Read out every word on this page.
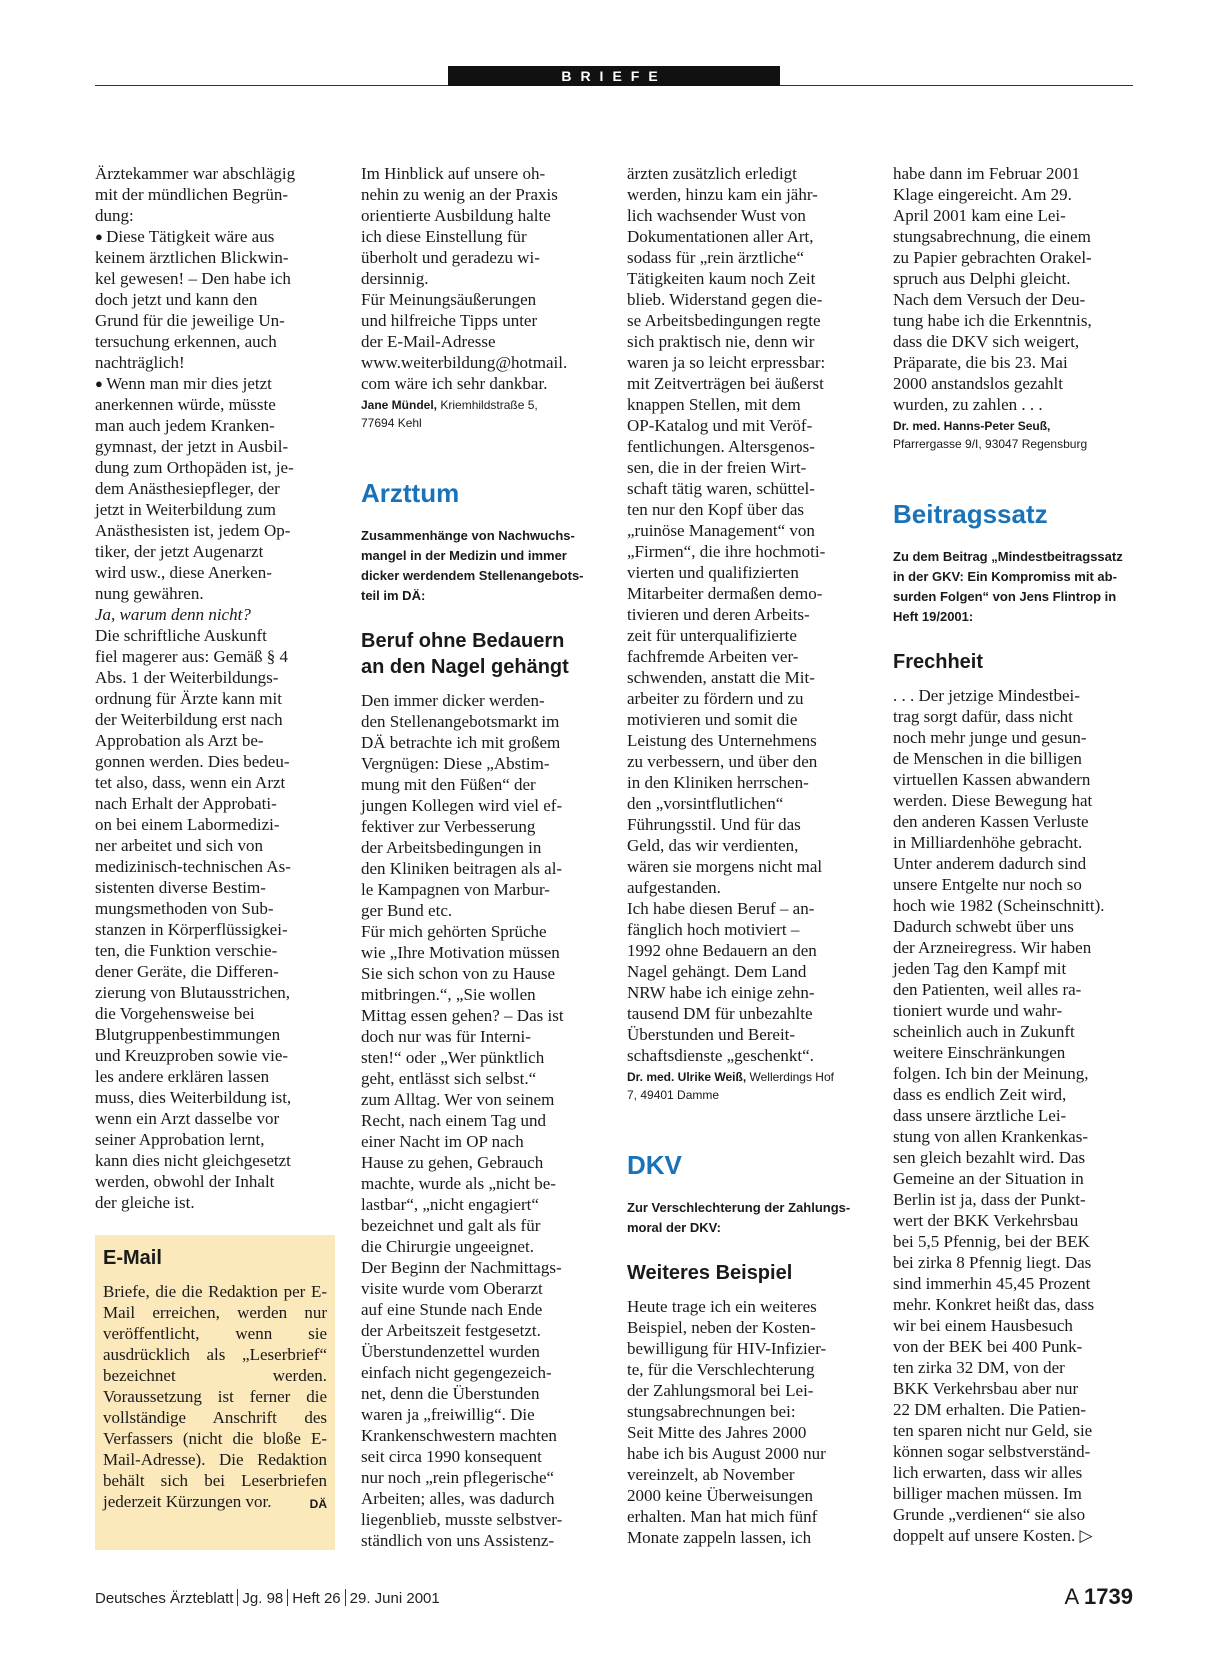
BRIEFE

Ärztekammer war abschlägig

mit der mündlichen Begrün-

dung:

● Diese Tätigkeit wäre aus

keinem ärztlichen Blickwin-

kel gewesen! – Den habe ich

doch jetzt und kann den

Grund für die jeweilige Un-

tersuchung erkennen, auch

nachträglich!

● Wenn man mir dies jetzt

anerkennen würde, müsste

man auch jedem Kranken-

gymnast, der jetzt in Ausbil-

dung zum Orthopäden ist, je-

dem Anästhesiepfleger, der

jetzt in Weiterbildung zum

Anästhesisten ist, jedem Op-

tiker, der jetzt Augenarzt

wird usw., diese Anerken-

nung gewähren.

Ja, warum denn nicht?

Die schriftliche Auskunft

fiel magerer aus: Gemäß § 4

Abs. 1 der Weiterbildungs-

ordnung für Ärzte kann mit

der Weiterbildung erst nach

Approbation als Arzt be-

gonnen werden. Dies bedeu-

tet also, dass, wenn ein Arzt

nach Erhalt der Approbati-

on bei einem Labormedizi-

ner arbeitet und sich von

medizinisch-technischen As-

sistenten diverse Bestim-

mungsmethoden von Sub-

stanzen in Körperflüssigkei-

ten, die Funktion verschie-

dener Geräte, die Differen-

zierung von Blutausstrichen,

die Vorgehensweise bei

Blutgruppenbestimmungen

und Kreuzproben sowie vie-

les andere erklären lassen

muss, dies Weiterbildung ist,

wenn ein Arzt dasselbe vor

seiner Approbation lernt,

kann dies nicht gleichgesetzt

werden, obwohl der Inhalt

der gleiche ist.

E-Mail

Briefe, die die Redaktion per E-Mail erreichen, werden nur veröffentlicht, wenn sie ausdrücklich als „Leserbrief“ bezeichnet werden. Voraussetzung ist ferner die vollständige Anschrift des Verfassers (nicht die bloße E-Mail-Adresse). Die Redaktion behält sich bei Leserbriefen jederzeit Kürzungen vor.	DÄ

Im Hinblick auf unsere oh-

nehin zu wenig an der Praxis

orientierte Ausbildung halte

ich diese Einstellung für

überholt und geradezu wi-

dersinnig.

Für Meinungsäußerungen

und hilfreiche Tipps unter

der E-Mail-Adresse

www.weiterbildung@hotmail.

com wäre ich sehr dankbar.

Jane Mündel, Kriemhildstraße 5,
77694 Kehl
Arzttum

Zusammenhänge von Nachwuchs-

mangel in der Medizin und immer

dicker werdendem Stellenangebots-

teil im DÄ:

Beruf ohne Bedauern

an den Nagel gehängt

Den immer dicker werden-

den Stellenangebotsmarkt im

DÄ betrachte ich mit großem

Vergnügen: Diese „Abstim-

mung mit den Füßen“ der

jungen Kollegen wird viel ef-

fektiver zur Verbesserung

der Arbeitsbedingungen in

den Kliniken beitragen als al-

le Kampagnen von Marbur-

ger Bund etc.

Für mich gehörten Sprüche

wie „Ihre Motivation müssen

Sie sich schon von zu Hause

mitbringen.“, „Sie wollen

Mittag essen gehen? – Das ist

doch nur was für Interni-

sten!“ oder „Wer pünktlich

geht, entlässt sich selbst.“

zum Alltag. Wer von seinem

Recht, nach einem Tag und

einer Nacht im OP nach

Hause zu gehen, Gebrauch

machte, wurde als „nicht be-

lastbar“, „nicht engagiert“

bezeichnet und galt als für

die Chirurgie ungeeignet.

Der Beginn der Nachmittags-

visite wurde vom Oberarzt

auf eine Stunde nach Ende

der Arbeitszeit festgesetzt.

Überstundenzettel wurden

einfach nicht gegengezeich-

net, denn die Überstunden

waren ja „freiwillig“. Die

Krankenschwestern machten

seit circa 1990 konsequent

nur noch „rein pflegerische“

Arbeiten; alles, was dadurch

liegenblieb, musste selbstver-

ständlich von uns Assistenz-

ärzten zusätzlich erledigt

werden, hinzu kam ein jähr-

lich wachsender Wust von

Dokumentationen aller Art,

sodass für „rein ärztliche“

Tätigkeiten kaum noch Zeit

blieb. Widerstand gegen die-

se Arbeitsbedingungen regte

sich praktisch nie, denn wir

waren ja so leicht erpressbar:

mit Zeitverträgen bei äußerst

knappen Stellen, mit dem

OP-Katalog und mit Veröf-

fentlichungen. Altersgenos-

sen, die in der freien Wirt-

schaft tätig waren, schüttel-

ten nur den Kopf über das

„ruinöse Management“ von

„Firmen“, die ihre hochmoti-

vierten und qualifizierten

Mitarbeiter dermaßen demo-

tivieren und deren Arbeits-

zeit für unterqualifizierte

fachfremde Arbeiten ver-

schwenden, anstatt die Mit-

arbeiter zu fördern und zu

motivieren und somit die

Leistung des Unternehmens

zu verbessern, und über den

in den Kliniken herrschen-

den „vorsintflutlichen“

Führungsstil. Und für das

Geld, das wir verdienten,

wären sie morgens nicht mal

aufgestanden.

Ich habe diesen Beruf – an-

fänglich hoch motiviert –

1992 ohne Bedauern an den

Nagel gehängt. Dem Land

NRW habe ich einige zehn-

tausend DM für unbezahlte

Überstunden und Bereit-

schaftsdienste „geschenkt“.

Dr. med. Ulrike Weiß, Wellerdings Hof
7, 49401 Damme
DKV

Zur Verschlechterung der Zahlungs-

moral der DKV:

Weiteres Beispiel

Heute trage ich ein weiteres

Beispiel, neben der Kosten-

bewilligung für HIV-Infizier-

te, für die Verschlechterung

der Zahlungsmoral bei Lei-

stungsabrechnungen bei:

Seit Mitte des Jahres 2000

habe ich bis August 2000 nur

vereinzelt, ab November

2000 keine Überweisungen

erhalten. Man hat mich fünf

Monate zappeln lassen, ich

habe dann im Februar 2001

Klage eingereicht. Am 29.

April 2001 kam eine Lei-

stungsabrechnung, die einem

zu Papier gebrachten Orakel-

spruch aus Delphi gleicht.

Nach dem Versuch der Deu-

tung habe ich die Erkenntnis,

dass die DKV sich weigert,

Präparate, die bis 23. Mai

2000 anstandslos gezahlt

wurden, zu zahlen . . .

Dr. med. Hanns-Peter Seuß,
Pfarrergasse 9/I, 93047 Regensburg
Beitragssatz

Zu dem Beitrag „Mindestbeitragssatz

in der GKV: Ein Kompromiss mit ab-

surden Folgen“ von Jens Flintrop in

Heft 19/2001:

Frechheit

. . . Der jetzige Mindestbei-

trag sorgt dafür, dass nicht

noch mehr junge und gesun-

de Menschen in die billigen

virtuellen Kassen abwandern

werden. Diese Bewegung hat

den anderen Kassen Verluste

in Milliardenhöhe gebracht.

Unter anderem dadurch sind

unsere Entgelte nur noch so

hoch wie 1982 (Scheinschnitt).

Dadurch schwebt über uns

der Arzneiregress. Wir haben

jeden Tag den Kampf mit

den Patienten, weil alles ra-

tioniert wurde und wahr-

scheinlich auch in Zukunft

weitere Einschränkungen

folgen. Ich bin der Meinung,

dass es endlich Zeit wird,

dass unsere ärztliche Lei-

stung von allen Krankenkas-

sen gleich bezahlt wird. Das

Gemeine an der Situation in

Berlin ist ja, dass der Punkt-

wert der BKK Verkehrsbau

bei 5,5 Pfennig, bei der BEK

bei zirka 8 Pfennig liegt. Das

sind immerhin 45,45 Prozent

mehr. Konkret heißt das, dass

wir bei einem Hausbesuch

von der BEK bei 400 Punk-

ten zirka 32 DM, von der

BKK Verkehrsbau aber nur

22 DM erhalten. Die Patien-

ten sparen nicht nur Geld, sie

können sogar selbstverständ-

lich erwarten, dass wir alles

billiger machen müssen. Im

Grunde „verdienen“ sie also

doppelt auf unsere Kosten. ▷

Deutsches Ärzteblatt Jg. 98 Heft 26 29. Juni 2001	A 1739
